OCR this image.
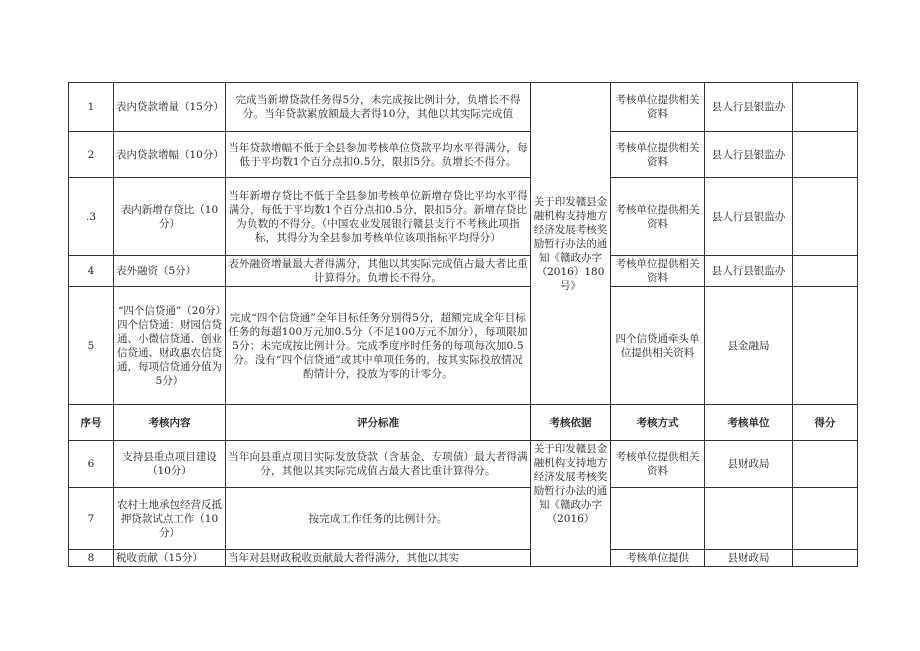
1	表内贷款增量（15分）	完成当新增贷款任务得5分，未完成按比例计分，负增长不得分。当年贷款累放额最大者得10分，其他以其实际完成值	关于印发赣县金融机构支持地方经济发展考核奖励暂行办法的通知《赣政办字（2016）180号》	考核单位提供相关资料	县人行县银监办	
2	表内贷款增幅（10分）	当年贷款增幅不低于全县参加考核单位贷款平均水平得满分，每低于平均数1个百分点扣0.5分，限扣5分。负增长不得分。		考核单位提供相关资料	县人行县银监办	
.3	表内新增存贷比（10分）	当年新增存贷比不低于全县参加考核单位新增存贷比平均水平得满分，每低于平均数1个百分点扣0.5分，限扣5分。新增存贷比为负数的不得分。（中国农业发展银行赣县支行不考核此项指标，其得分为全县参加考核单位该项指标平均得分）		考核单位提供相关资料	县人行县银监办	
4	表外融资（5分）	表外融资增量最大者得满分，其他以其实际完成值占最大者比重计算得分。负增长不得分。		考核单位提供相关资料	县人行县银监办	
5	“四个信贷通”（20分）四个信贷通：财园信贷通、小微信贷通、创业信贷通、财政惠农信贷通，每项信贷通分值为5分）	完成“四个信贷通”全年目标任务分别得5分，超额完成全年目标任务的每超100万元加0.5分（不足100万元不加分），每项限加5分；未完成按比例计分。完成季度序时任务的每项每次加0.5分。没有“四个信贷通”或其中单项任务的，按其实际投放情况酌情计分，投放为零的计零分。		四个信贷通牵头单位提供相关资料	县金融局	
序号	考核内容	评分标准	考核依据	考核方式	考核单位	得分
6	支持县重点项目建设（10分）	当年向县重点项目实际发放贷款（含基金、专项债）最大者得满分，其他以其实际完成值占最大者比重计算得分。	关于印发赣县金融机构支持地方经济发展考核奖励暂行办法的通知《赣政办字（2016）	考核单位提供相关资料	县财政局	
7	农村土地承包经营反抵押贷款试点工作（10分）	按完成工作任务的比例计分。				
8	税收贡献（15分）	当年对县财政税收贡献最大者得满分，其他以其实		考核单位提供	县财政局	
